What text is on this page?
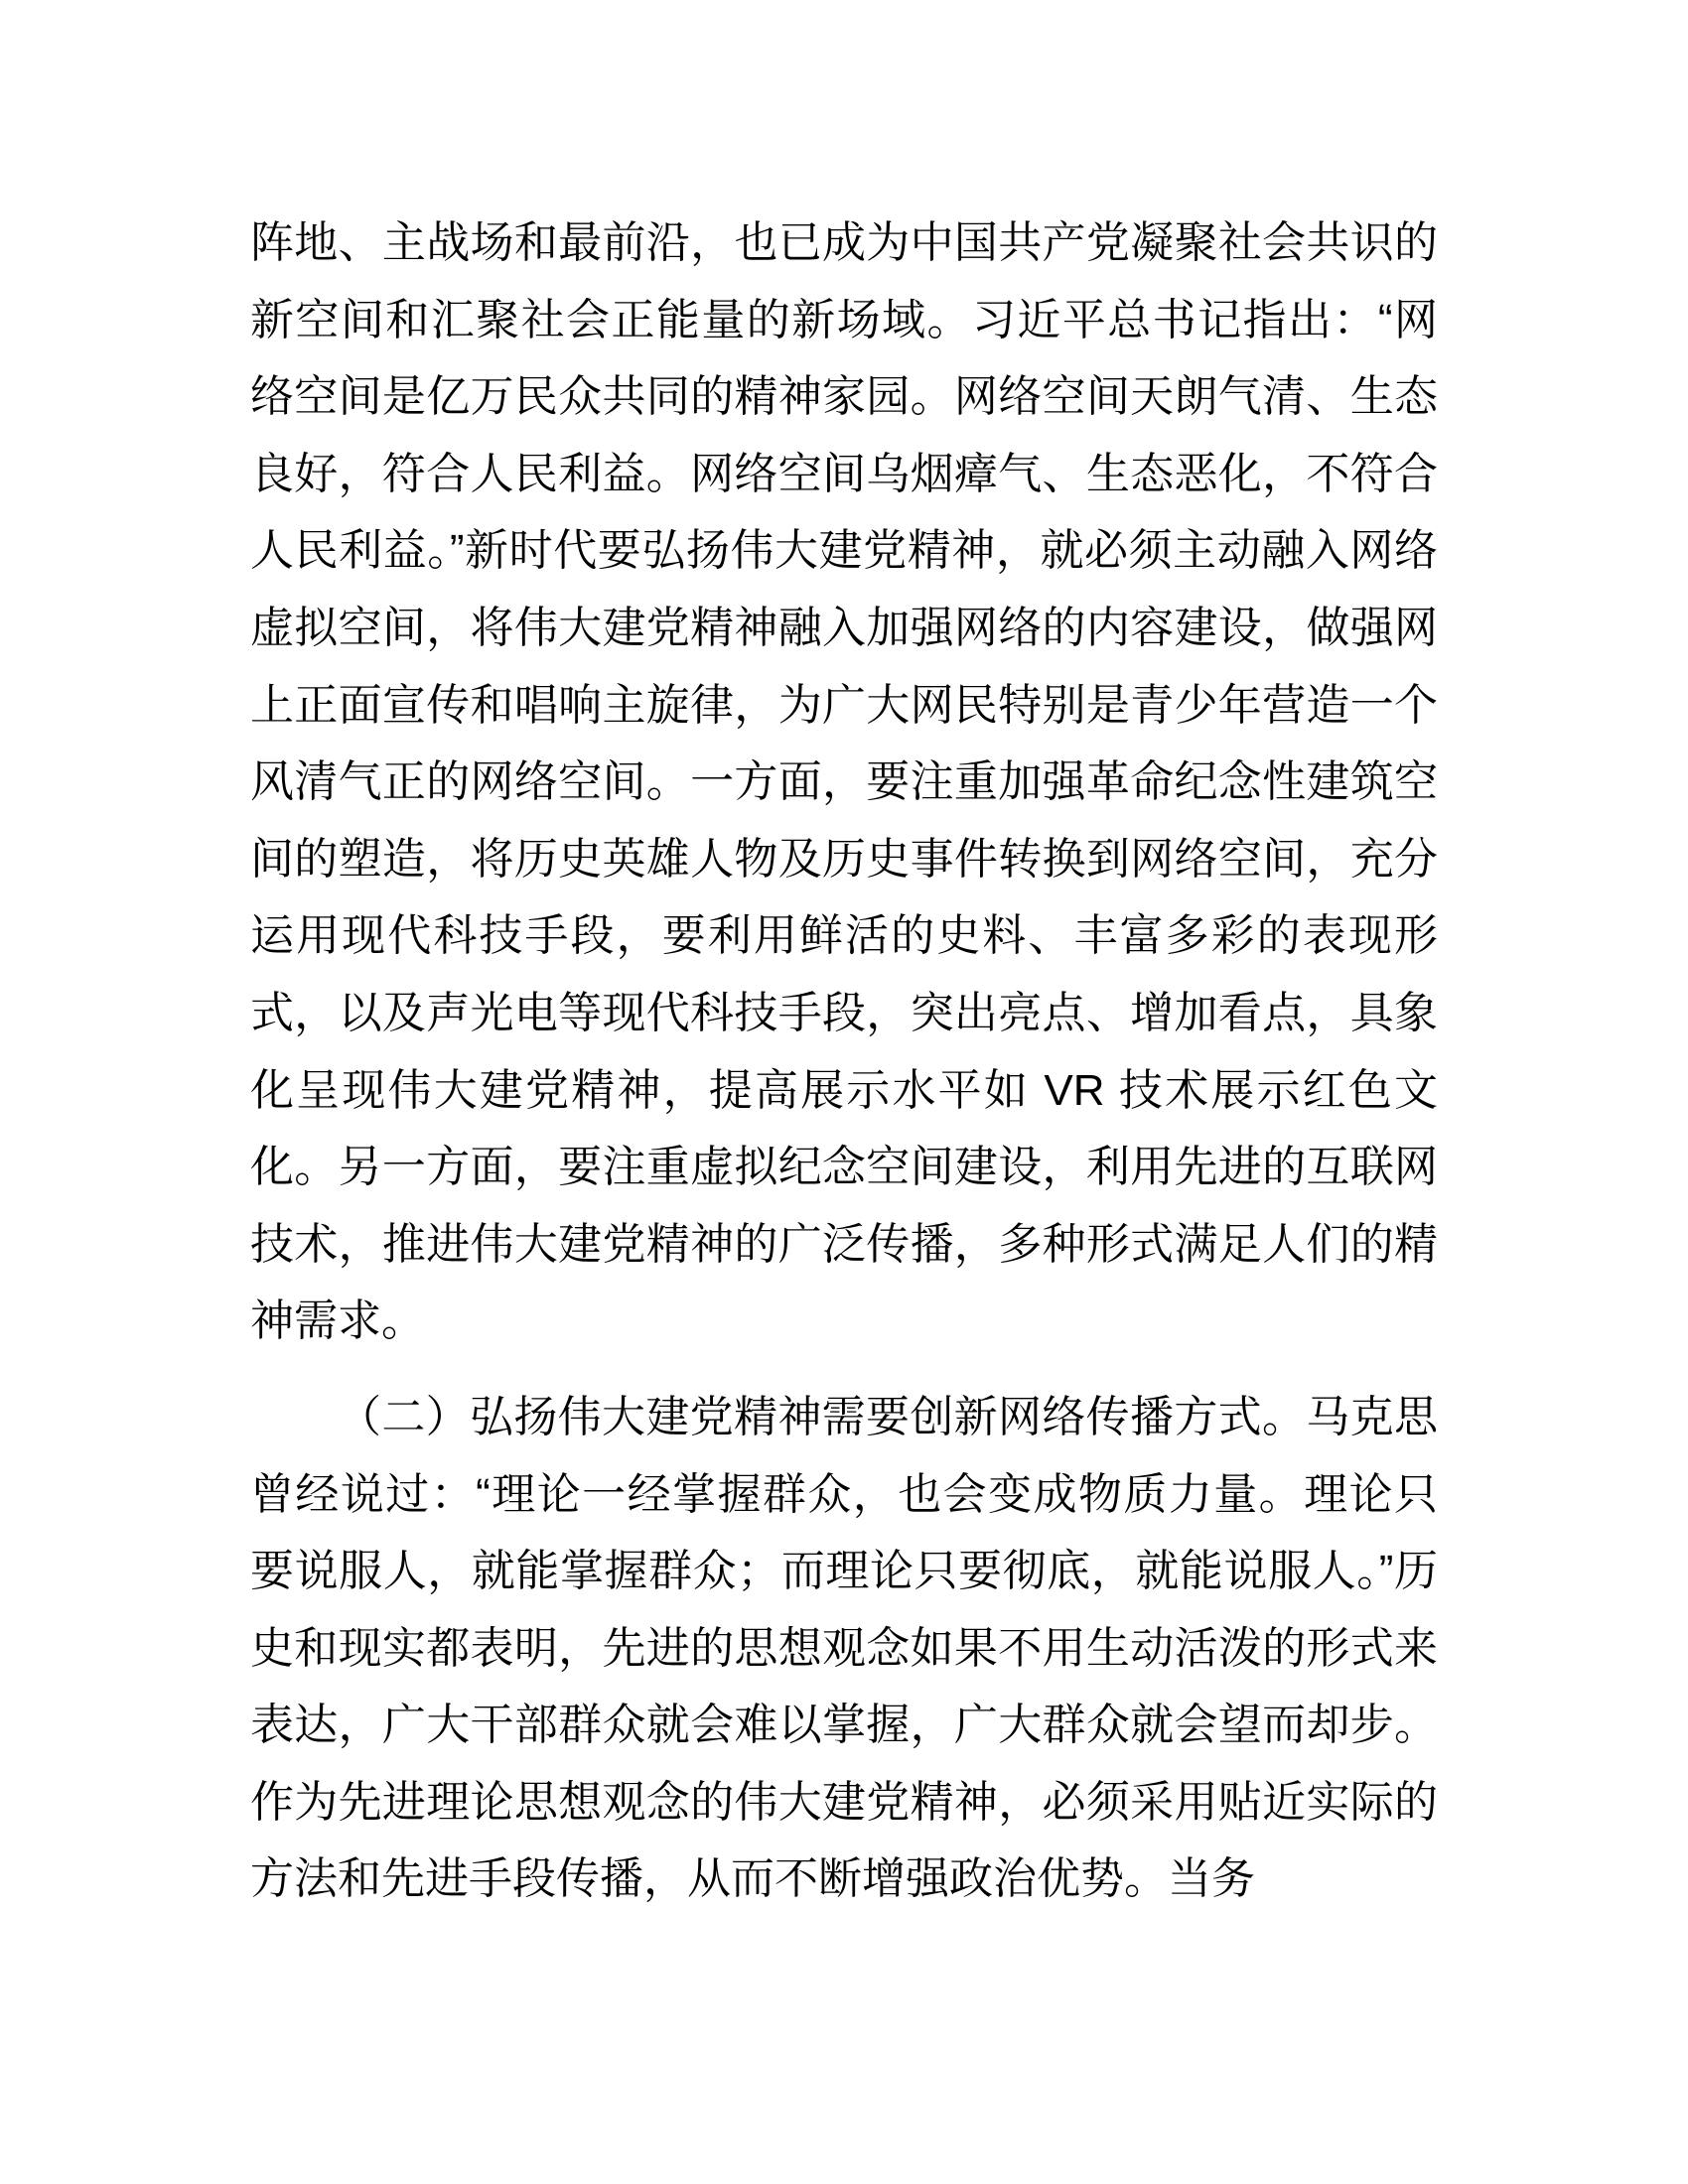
阵地、主战场和最前沿，也已成为中国共产党凝聚社会共识的新空间和汇聚社会正能量的新场域。习近平总书记指出：“网络空间是亿万民众共同的精神家园。网络空间天朗气清、生态良好，符合人民利益。网络空间乌烟瘴气、生态恶化，不符合人民利益。”新时代要弘扬伟大建党精神，就必须主动融入网络虚拟空间，将伟大建党精神融入加强网络的内容建设，做强网上正面宣传和唱响主旋律，为广大网民特别是青少年营造一个风清气正的网络空间。一方面，要注重加强革命纪念性建筑空间的塑造，将历史英雄人物及历史事件转换到网络空间，充分运用现代科技手段，要利用鲜活的史料、丰富多彩的表现形式，以及声光电等现代科技手段，突出亮点、增加看点，具象化呈现伟大建党精神，提高展示水平如 VR 技术展示红色文化。另一方面，要注重虚拟纪念空间建设，利用先进的互联网技术，推进伟大建党精神的广泛传播，多种形式满足人们的精神需求。

（二）弘扬伟大建党精神需要创新网络传播方式。马克思曾经说过：“理论一经掌握群众，也会变成物质力量。理论只要说服人，就能掌握群众；而理论只要彻底，就能说服人。”历史和现实都表明，先进的思想观念如果不用生动活泼的形式来表达，广大干部群众就会难以掌握，广大群众就会望而却步。作为先进理论思想观念的伟大建党精神，必须采用贴近实际的方法和先进手段传播，从而不断增强政治优势。当务
